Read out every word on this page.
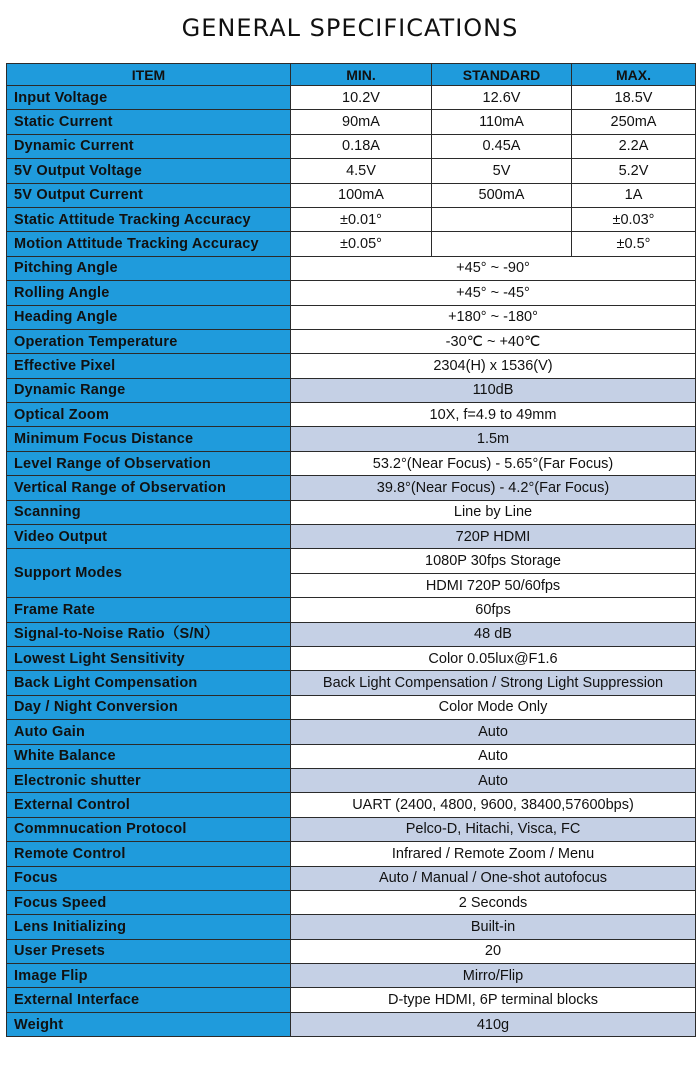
GENERAL SPECIFICATIONS
ITEM	MIN.	STANDARD	MAX.
Input Voltage	10.2V	12.6V	18.5V
Static Current	90mA	110mA	250mA
Dynamic Current	0.18A	0.45A	2.2A
5V Output Voltage	4.5V	5V	5.2V
5V Output Current	100mA	500mA	1A
Static Attitude Tracking Accuracy	±0.01°		±0.03°
Motion Attitude Tracking Accuracy	±0.05°		±0.5°
Pitching Angle	+45° ~ -90°		
Rolling Angle	+45° ~ -45°		
Heading Angle	+180° ~ -180°		
Operation Temperature	-30℃ ~ +40℃		
Effective Pixel	2304(H) x 1536(V)		
Dynamic Range	110dB		
Optical Zoom	10X, f=4.9 to 49mm		
Minimum Focus Distance	1.5m		
Level Range of Observation	53.2°(Near Focus) - 5.65°(Far Focus)		
Vertical Range of Observation	39.8°(Near Focus) - 4.2°(Far Focus)		
Scanning	Line by Line		
Video Output	720P HDMI		
Support Modes	1080P 30fps Storage		
	HDMI 720P 50/60fps		
Frame Rate	60fps		
Signal-to-Noise Ratio（S/N）	48 dB		
Lowest Light Sensitivity	Color 0.05lux@F1.6		
Back Light Compensation	Back Light Compensation / Strong Light Suppression		
Day / Night Conversion	Color Mode Only		
Auto Gain	Auto		
White Balance	Auto		
Electronic shutter	Auto		
External Control	UART (2400, 4800, 9600, 38400,57600bps)		
Commnucation Protocol	Pelco-D, Hitachi, Visca, FC		
Remote Control	Infrared / Remote Zoom / Menu		
Focus	Auto / Manual / One-shot autofocus		
Focus Speed	2 Seconds		
Lens Initializing	Built-in		
User Presets	20		
Image Flip	Mirro/Flip		
External Interface	D-type HDMI, 6P terminal blocks		
Weight	410g		
